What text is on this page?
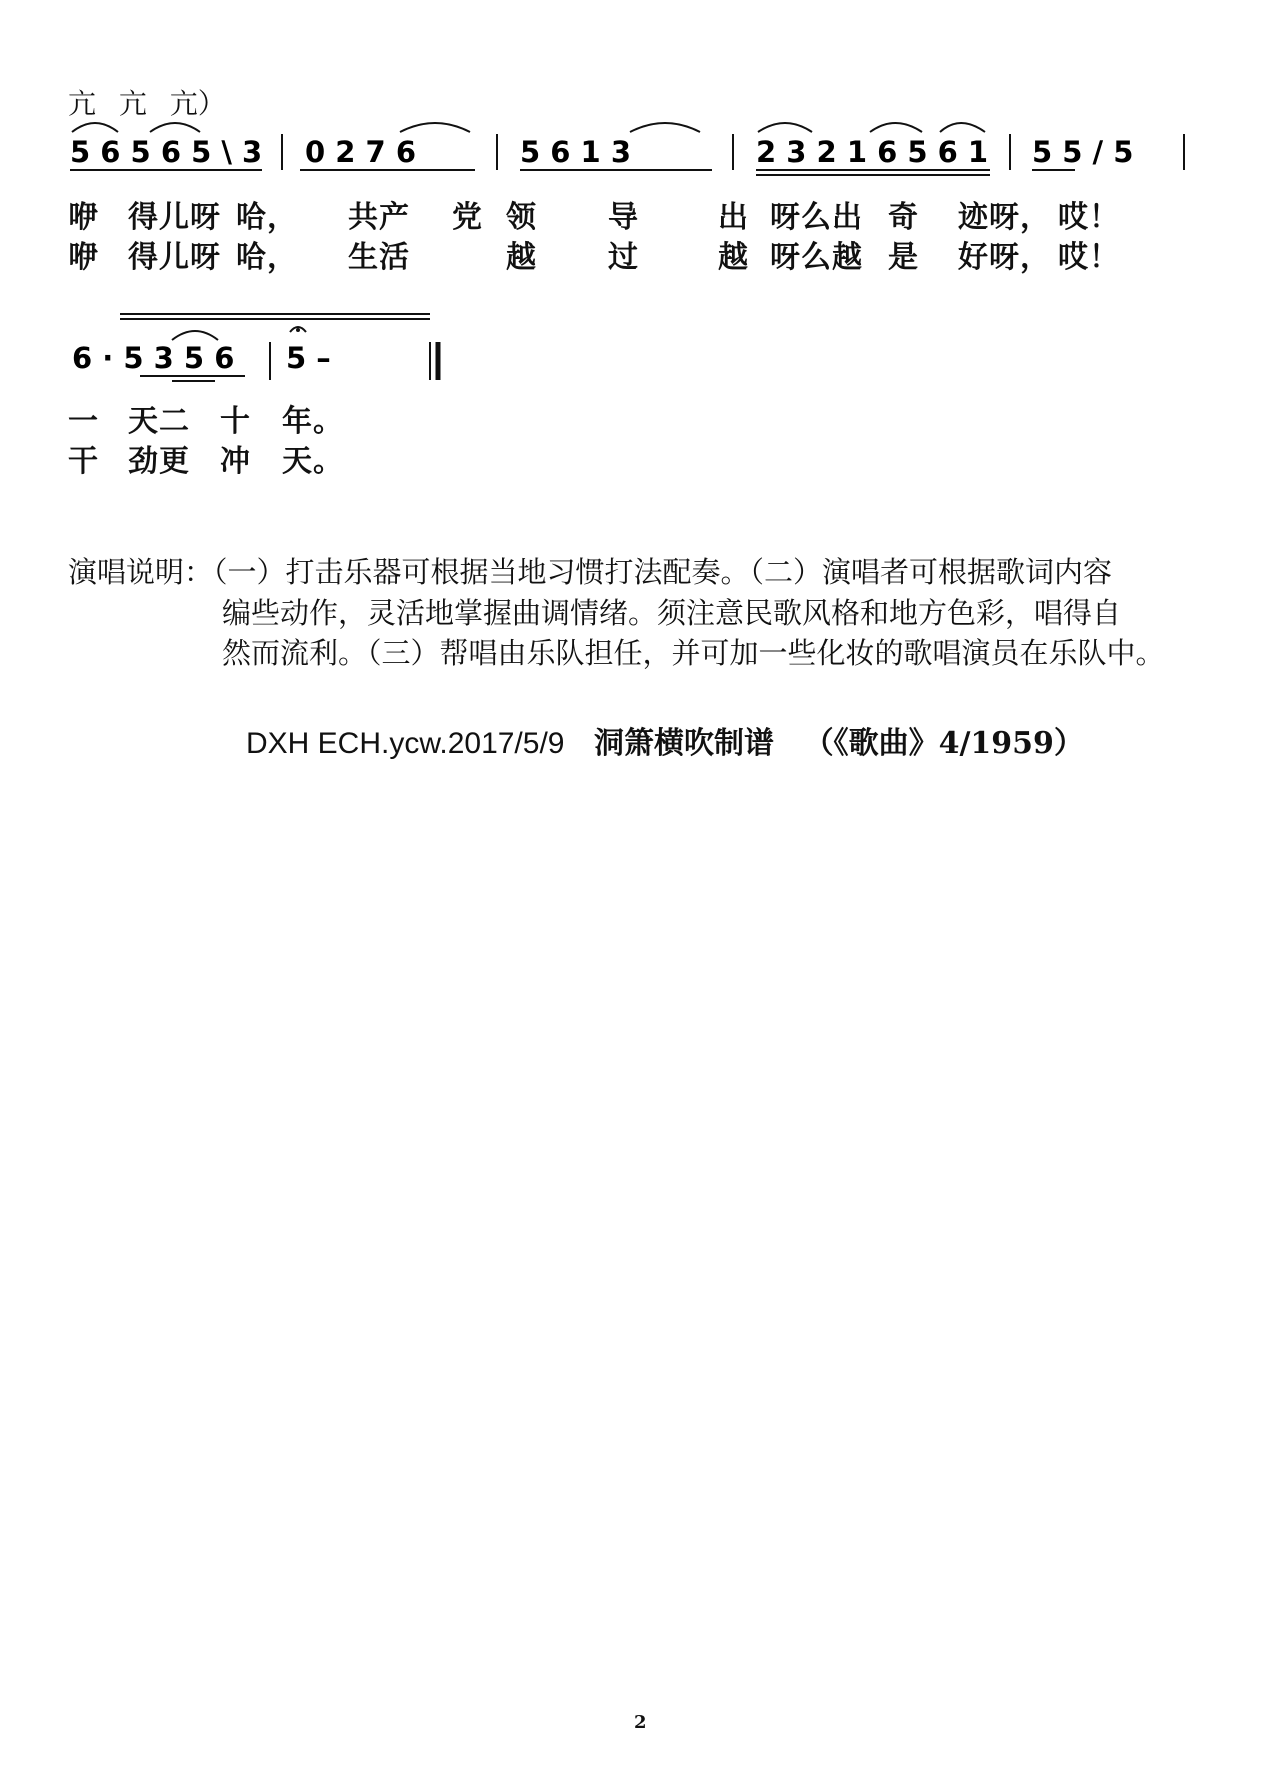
亢 亢 亢）
5 6 5 6 5 \ 3 0 2 7 6	5 6 1 3	2 3 2 1 6 5 6 1 5 5 / 5
咿 得儿呀 哈， 共产 党 领 导	出 呀么出 奇 迹呀， 哎！
咿 得儿呀 哈， 生活	越 过	越 呀么越 是 好呀， 哎！
6 · 5 3 5 6 5 –
一 天二 十 年。
干 劲更 冲 天。
演唱说明：（一）打击乐器可根据当地习惯打法配奏。（二）演唱者可根据歌词内容
编些动作，灵活地掌握曲调情绪。须注意民歌风格和地方色彩，唱得自
然而流利。（三）帮唱由乐队担任，并可加一些化妆的歌唱演员在乐队中。
DXH ECH.ycw.2017/5/9 洞箫横吹制谱 （《歌曲》4/1959）
2
